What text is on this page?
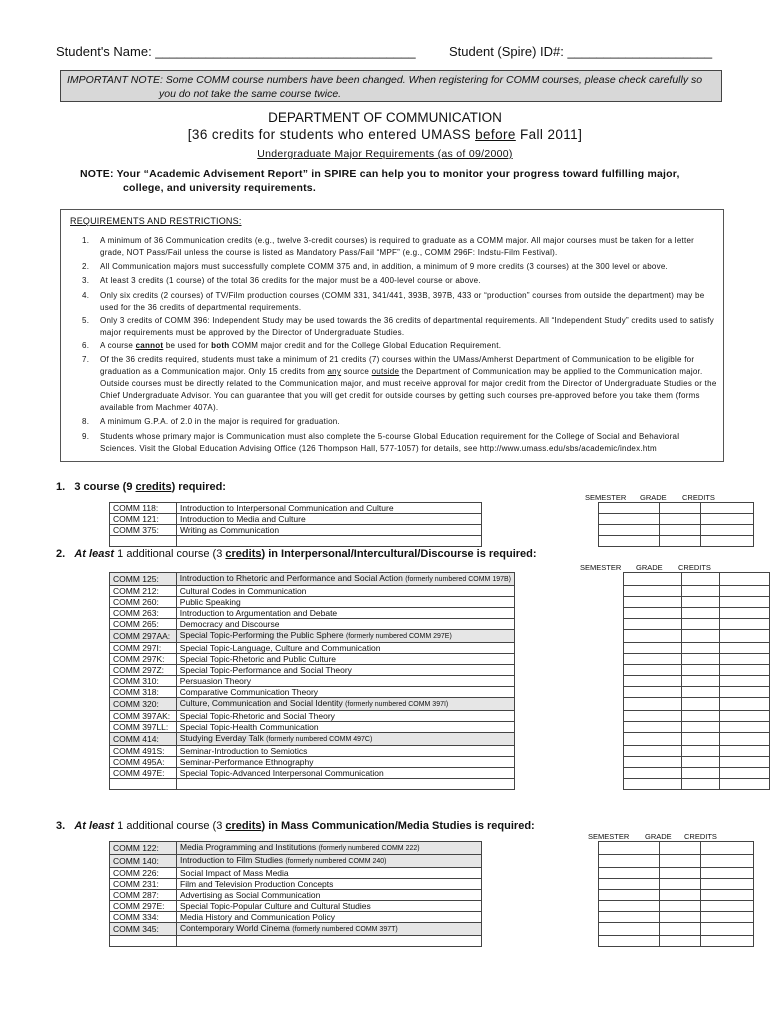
Student's Name: ____________________________________	Student (Spire) ID#: ____________________
IMPORTANT NOTE: Some COMM course numbers have been changed. When registering for COMM courses, please check carefully so
you do not take the same course twice.
DEPARTMENT OF COMMUNICATION
[36 credits for students who entered UMASS before Fall 2011]
Undergraduate Major Requirements (as of 09/2000)
NOTE: Your “Academic Advisement Report” in SPIRE can help you to monitor your progress toward fulfilling major,
college, and university requirements.
REQUIREMENTS AND RESTRICTIONS:
1.	A minimum of 36 Communication credits (e.g., twelve 3-credit courses) is required to graduate as a COMM major. All major courses must be taken for a letter grade, NOT Pass/Fail unless the course is listed as Mandatory Pass/Fail “MPF” (e.g., COMM 296F: Indstu-Film Festival).
2.	All Communication majors must successfully complete COMM 375 and, in addition, a minimum of 9 more credits (3 courses) at the 300 level or above.
3.	At least 3 credits (1 course) of the total 36 credits for the major must be a 400-level course or above.
4.	Only six credits (2 courses) of TV/Film production courses (COMM 331, 341/441, 393B, 397B, 433 or “production” courses from outside the department) may be used for the 36 credits of departmental requirements.
5.	Only 3 credits of COMM 396: Independent Study may be used towards the 36 credits of departmental requirements. All “Independent Study” credits used to satisfy major requirements must be approved by the Director of Undergraduate Studies.
6.	A course cannot be used for both COMM major credit and for the College Global Education Requirement.
7.	Of the 36 credits required, students must take a minimum of 21 credits (7) courses within the UMass/Amherst Department of Communication to be eligible for graduation as a Communication major. Only 15 credits from any source outside the Department of Communication may be applied to the Communication major. Outside courses must be directly related to the Communication major, and must receive approval for major credit from the Director of Undergraduate Studies or the Chief Undergraduate Advisor. You can guarantee that you will get credit for outside courses by getting such courses pre-approved before you take them (forms available from Machmer 407A).
8.	A minimum G.P.A. of 2.0 in the major is required for graduation.
9.	Students whose primary major is Communication must also complete the 5-course Global Education requirement for the College of Social and Behavioral Sciences. Visit the Global Education Advising Office (126 Thompson Hall, 577-1057) for details, see http://www.umass.edu/sbs/academic/index.htm
1. 3 course (9 credits) required:
SEMESTER GRADE CREDITS
COMM 118:	Introduction to Interpersonal Communication and Culture				
COMM 121:	Introduction to Media and Culture				
COMM 375:	Writing as Communication				

2. At least 1 additional course (3 credits) in Interpersonal/Intercultural/Discourse is required:
SEMESTER GRADE CREDITS
COMM 125:	Introduction to Rhetoric and Performance and Social Action (formerly numbered COMM 197B)				
COMM 212:	Cultural Codes in Communication				
COMM 260:	Public Speaking				
COMM 263:	Introduction to Argumentation and Debate				
COMM 265:	Democracy and Discourse				
COMM 297AA:	Special Topic-Performing the Public Sphere (formerly numbered COMM 297E)				
COMM 297I:	Special Topic-Language, Culture and Communication				
COMM 297K:	Special Topic-Rhetoric and Public Culture				
COMM 297Z:	Special Topic-Performance and Social Theory				
COMM 310:	Persuasion Theory				
COMM 318:	Comparative Communication Theory				
COMM 320:	Culture, Communication and Social Identity (formerly numbered COMM 397I)				
COMM 397AK:	Special Topic-Rhetoric and Social Theory				
COMM 397LL:	Special Topic-Health Communication				
COMM 414:	Studying Everday Talk (formerly numbered COMM 497C)				
COMM 491S:	Seminar-Introduction to Semiotics				
COMM 495A:	Seminar-Performance Ethnography				
COMM 497E:	Special Topic-Advanced Interpersonal Communication				

3. At least 1 additional course (3 credits) in Mass Communication/Media Studies is required:
SEMESTER GRADE CREDITS
COMM 122:	Media Programming and Institutions (formerly numbered COMM 222)				
COMM 140:	Introduction to Film Studies (formerly numbered COMM 240)				
COMM 226:	Social Impact of Mass Media				
COMM 231:	Film and Television Production Concepts				
COMM 287:	Advertising as Social Communication				
COMM 297E:	Special Topic-Popular Culture and Cultural Studies				
COMM 334:	Media History and Communication Policy				
COMM 345:	Contemporary World Cinema (formerly numbered COMM 397T)				
